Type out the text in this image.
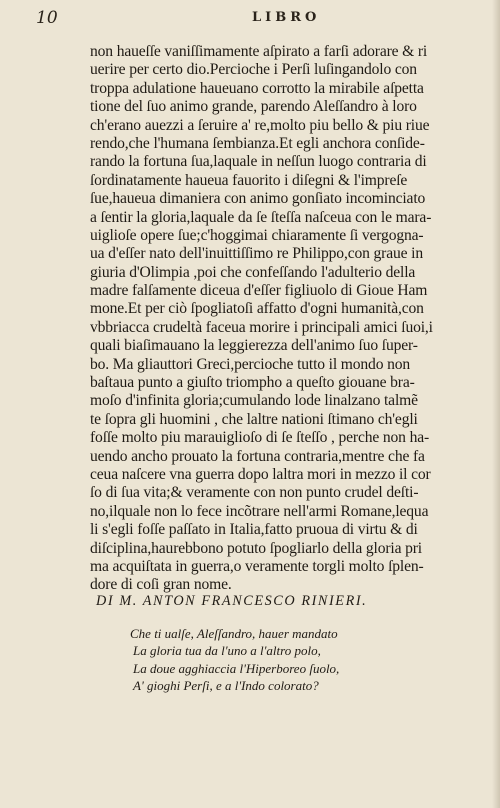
10	LIBRO
non haueſſe vaniſſimamente aſpirato a farſi adorare & ri
uerire per certo dio.Percioche i Perſi luſingandolo con
troppa adulatione haueuano corrotto la mirabile aſpetta
tione del ſuo animo grande, parendo Aleſſandro à loro
ch'erano auezzi a ſeruire a' re,molto piu bello & piu riue
rendo,che l'humana ſembianza.Et egli anchora conſide-
rando la fortuna ſua,laquale in neſſun luogo contraria di
ſordinatamente haueua fauorito i diſegni & l'impreſe
ſue,haueua dimaniera con animo gonſiato incominciato
a ſentir la gloria,laquale da ſe ſteſſa naſceua con le mara-
uiglioſe opere ſue;c'hoggimai chiaramente ſi vergogna-
ua d'eſſer nato dell'inuittiſſimo re Philippo,con graue in
giuria d'Olimpia ,poi che confeſſando l'adulterio della
madre falſamente diceua d'eſſer figliuolo di Gioue Ham
mone.Et per ciò ſpogliatoſi affatto d'ogni humanità,con
vbbriacca crudeltà faceua morire i principali amici ſuoi,i
quali biaſimauano la leggierezza dell'animo ſuo ſuper-
bo. Ma gliauttori Greci,percioche tutto il mondo non
baſtaua punto a giuſto triompho a queſto giouane bra-
moſo d'infinita gloria;cumulando lode linalzano talmẽ
te ſopra gli huomini , che laltre nationi ſtimano ch'egli
foſſe molto piu marauiglioſo di ſe ſteſſo , perche non ha-
uendo ancho prouato la fortuna contraria,mentre che fa
ceua naſcere vna guerra dopo laltra mori in mezzo il cor
ſo di ſua vita;& veramente con non punto crudel deſti-
no,ilquale non lo fece incõtrare nell'armi Romane,lequa
li s'egli foſſe paſſato in Italia,fatto pruoua di virtu & di
diſciplina,haurebbono potuto ſpogliarlo della gloria pri
ma acquiſtata in guerra,o veramente torgli molto ſplen-
dore di coſi gran nome.
DI M. ANTON FRANCESCO RINIERI.
Che ti ualſe, Aleſſandro, hauer mandato
La gloria tua da l'uno a l'altro polo,
La doue agghiaccia l'Hiperboreo ſuolo,
A' gioghi Perſi, e a l'Indo colorato?
